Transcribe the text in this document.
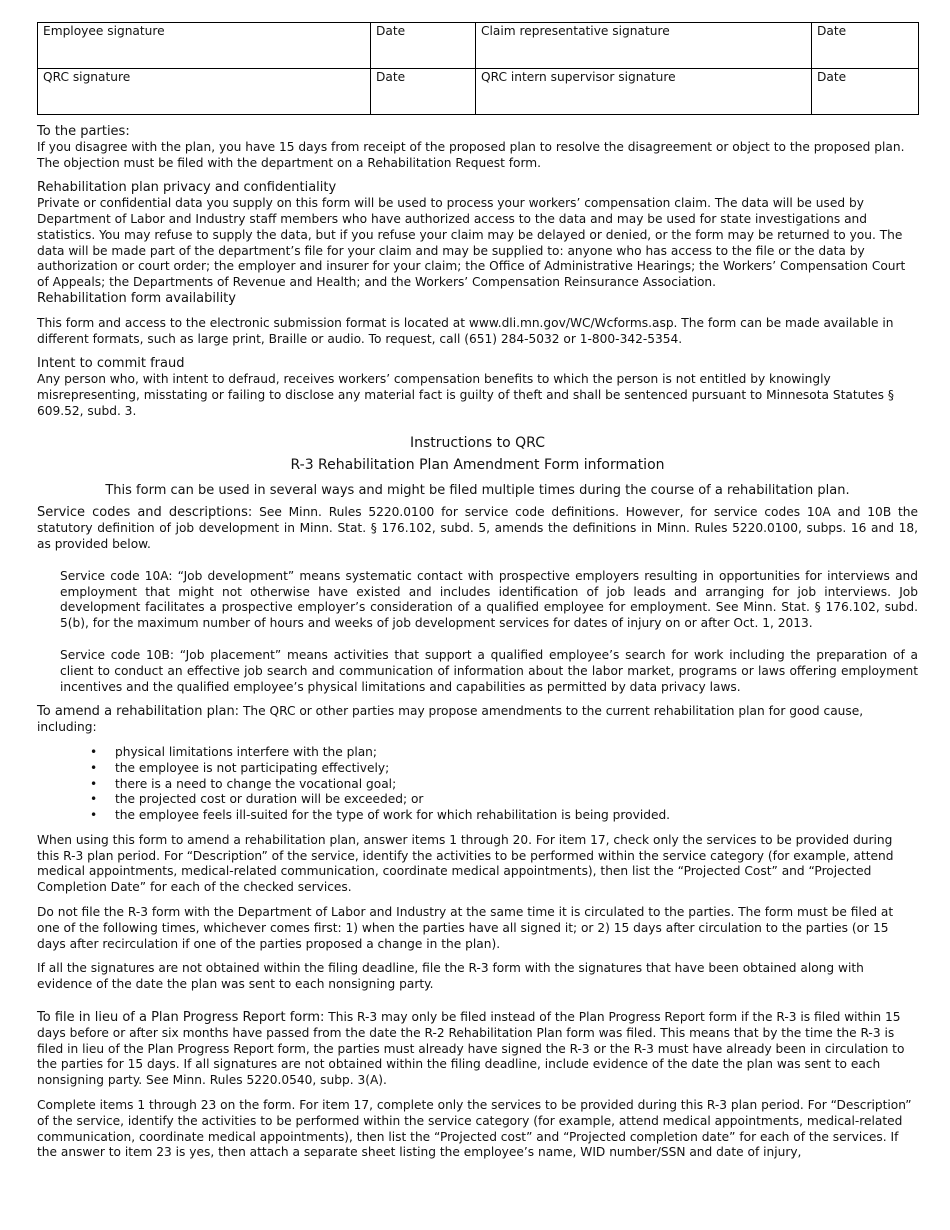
Employee signature	Date	Claim representative signature	Date
QRC signature	Date	QRC intern supervisor signature	Date

To the parties:

If you disagree with the plan, you have 15 days from receipt of the proposed plan to resolve the disagreement or object to the proposed plan. The objection must be filed with the department on a Rehabilitation Request form.

Rehabilitation plan privacy and confidentiality

Private or confidential data you supply on this form will be used to process your workers’ compensation claim. The data will be used by Department of Labor and Industry staff members who have authorized access to the data and may be used for state investigations and statistics. You may refuse to supply the data, but if you refuse your claim may be delayed or denied, or the form may be returned to you. The data will be made part of the department’s file for your claim and may be supplied to: anyone who has access to the file or the data by authorization or court order; the employer and insurer for your claim; the Office of Administrative Hearings; the Workers’ Compensation Court of Appeals; the Departments of Revenue and Health; and the Workers’ Compensation Reinsurance Association.

Rehabilitation form availability

This form and access to the electronic submission format is located at www.dli.mn.gov/WC/Wcforms.asp. The form can be made available in different formats, such as large print, Braille or audio. To request, call (651) 284-5032 or 1-800-342-5354.

Intent to commit fraud

Any person who, with intent to defraud, receives workers’ compensation benefits to which the person is not entitled by knowingly misrepresenting, misstating or failing to disclose any material fact is guilty of theft and shall be sentenced pursuant to Minnesota Statutes § 609.52, subd. 3.

Instructions to QRC

R-3 Rehabilitation Plan Amendment Form information

This form can be used in several ways and might be filed multiple times during the course of a rehabilitation plan.

Service codes and descriptions: See Minn. Rules 5220.0100 for service code definitions. However, for service codes 10A and 10B the statutory definition of job development in Minn. Stat. § 176.102, subd. 5, amends the definitions in Minn. Rules 5220.0100, subps. 16 and 18, as provided below.

Service code 10A: “Job development” means systematic contact with prospective employers resulting in opportunities for interviews and employment that might not otherwise have existed and includes identification of job leads and arranging for job interviews. Job development facilitates a prospective employer’s consideration of a qualified employee for employment. See Minn. Stat. § 176.102, subd. 5(b), for the maximum number of hours and weeks of job development services for dates of injury on or after Oct. 1, 2013.

Service code 10B: “Job placement” means activities that support a qualified employee’s search for work including the preparation of a client to conduct an effective job search and communication of information about the labor market, programs or laws offering employment incentives and the qualified employee’s physical limitations and capabilities as permitted by data privacy laws.

To amend a rehabilitation plan: The QRC or other parties may propose amendments to the current rehabilitation plan for good cause, including:

• physical limitations interfere with the plan;
• the employee is not participating effectively;
• there is a need to change the vocational goal;
• the projected cost or duration will be exceeded; or
• the employee feels ill-suited for the type of work for which rehabilitation is being provided.

When using this form to amend a rehabilitation plan, answer items 1 through 20. For item 17, check only the services to be provided during this R-3 plan period. For “Description” of the service, identify the activities to be performed within the service category (for example, attend medical appointments, medical-related communication, coordinate medical appointments), then list the “Projected Cost” and “Projected Completion Date” for each of the checked services.

Do not file the R-3 form with the Department of Labor and Industry at the same time it is circulated to the parties. The form must be filed at one of the following times, whichever comes first: 1) when the parties have all signed it; or 2) 15 days after circulation to the parties (or 15 days after recirculation if one of the parties proposed a change in the plan).

If all the signatures are not obtained within the filing deadline, file the R-3 form with the signatures that have been obtained along with evidence of the date the plan was sent to each nonsigning party.

To file in lieu of a Plan Progress Report form: This R-3 may only be filed instead of the Plan Progress Report form if the R-3 is filed within 15 days before or after six months have passed from the date the R-2 Rehabilitation Plan form was filed. This means that by the time the R-3 is filed in lieu of the Plan Progress Report form, the parties must already have signed the R-3 or the R-3 must have already been in circulation to the parties for 15 days. If all signatures are not obtained within the filing deadline, include evidence of the date the plan was sent to each nonsigning party. See Minn. Rules 5220.0540, subp. 3(A).

Complete items 1 through 23 on the form. For item 17, complete only the services to be provided during this R-3 plan period. For “Description” of the service, identify the activities to be performed within the service category (for example, attend medical appointments, medical-related communication, coordinate medical appointments), then list the “Projected cost” and “Projected completion date” for each of the services. If the answer to item 23 is yes, then attach a separate sheet listing the employee’s name, WID number/SSN and date of injury,
